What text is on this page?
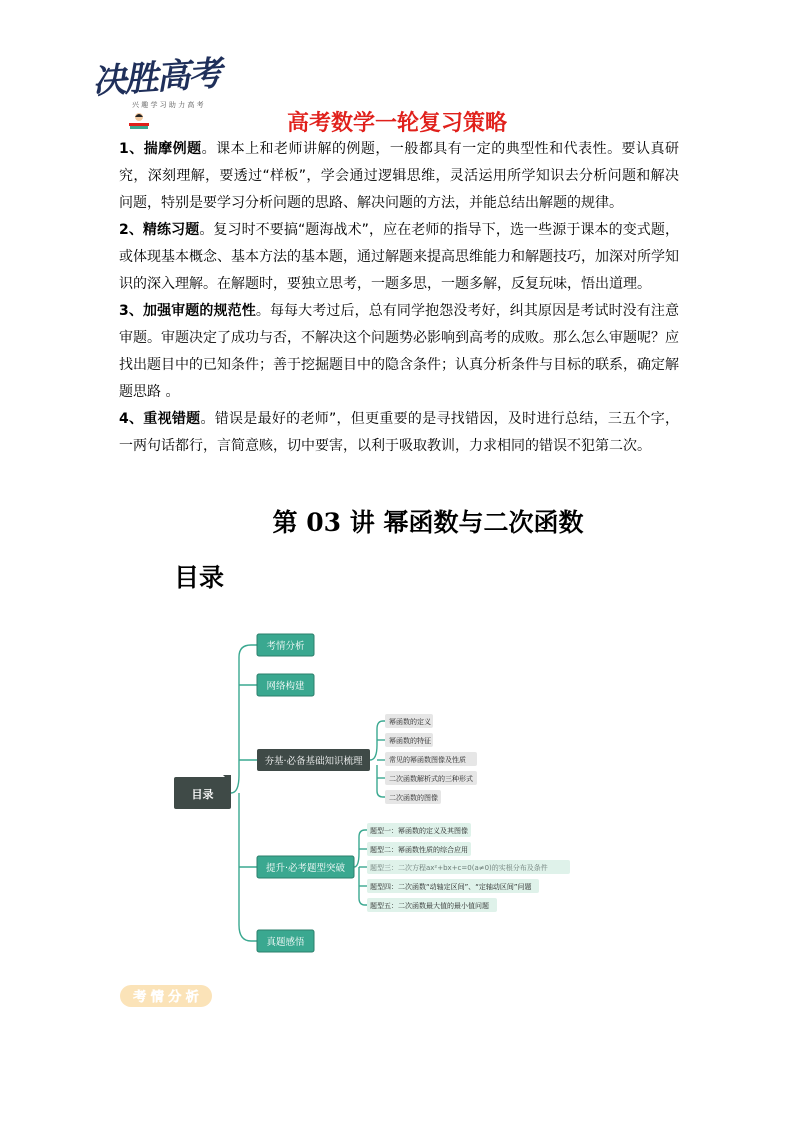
决胜高考
兴 趣 学 习 助 力 高 考
高考数学一轮复习策略

1、揣摩例题。课本上和老师讲解的例题，一般都具有一定的典型性和代表性。要认真研究，深刻理解，要透过“样板”，学会通过逻辑思维，灵活运用所学知识去分析问题和解决问题，特别是要学习分析问题的思路、解决问题的方法，并能总结出解题的规律。

2、精练习题。复习时不要搞“题海战术”，应在老师的指导下，选一些源于课本的变式题，或体现基本概念、基本方法的基本题，通过解题来提高思维能力和解题技巧，加深对所学知识的深入理解。在解题时，要独立思考，一题多思，一题多解，反复玩味，悟出道理。

3、加强审题的规范性。每每大考过后，总有同学抱怨没考好，纠其原因是考试时没有注意审题。审题决定了成功与否，不解决这个问题势必影响到高考的成败。那么怎么审题呢？应找出题目中的已知条件；善于挖掘题目中的隐含条件；认真分析条件与目标的联系，确定解题思路 。

4、重视错题。错误是最好的老师”，但更重要的是寻找错因，及时进行总结，三五个字，一两句话都行，言简意赅，切中要害，以利于吸取教训，力求相同的错误不犯第二次。

第 03 讲 幂函数与二次函数
目录
目录
考情分析
网络构建
夯基·必备基础知识梳理
提升·必考题型突破
真题感悟
幂函数的定义
幂函数的特征
常见的幂函数图像及性质
二次函数解析式的三种形式
二次函数的图像
题型一：幂函数的定义及其图像
题型二：幂函数性质的综合应用
题型三：二次方程ax²+bx+c=0(a≠0)的实根分布及条件
题型四：二次函数“动轴定区间”、“定轴动区间”问题
题型五：二次函数最大值的最小值问题
考 情 分 析
